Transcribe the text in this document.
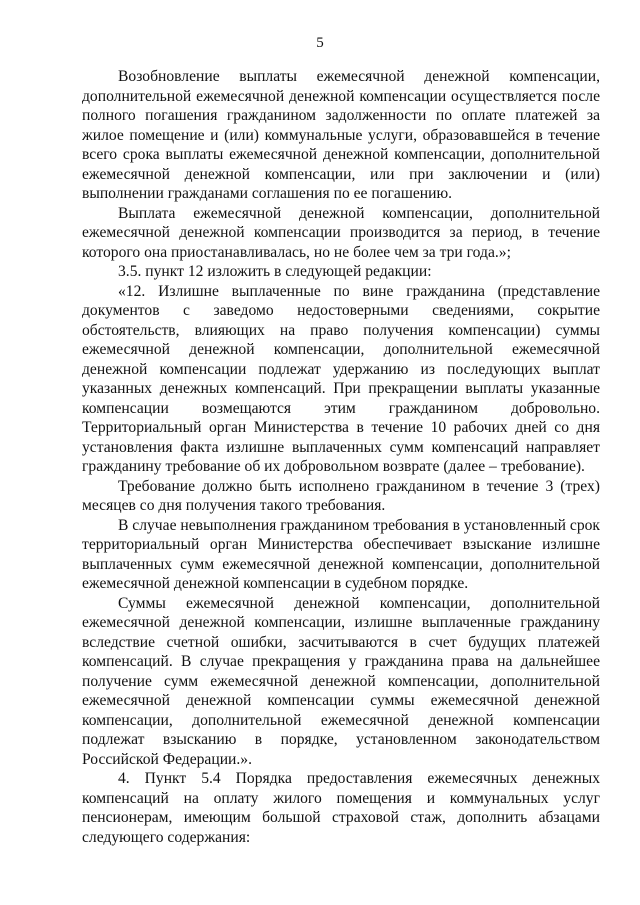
5

Возобновление выплаты ежемесячной денежной компенсации, дополнительной ежемесячной денежной компенсации осуществляется после полного погашения гражданином задолженности по оплате платежей за жилое помещение и (или) коммунальные услуги, образовавшейся в течение всего срока выплаты ежемесячной денежной компенсации, дополнительной ежемесячной денежной компенсации, или при заключении и (или) выполнении гражданами соглашения по ее погашению.

Выплата ежемесячной денежной компенсации, дополнительной ежемесячной денежной компенсации производится за период, в течение которого она приостанавливалась, но не более чем за три года.»;

3.5. пункт 12 изложить в следующей редакции:

«12. Излишне выплаченные по вине гражданина (представление документов с заведомо недостоверными сведениями, сокрытие обстоятельств, влияющих на право получения компенсации) суммы ежемесячной денежной компенсации, дополнительной ежемесячной денежной компенсации подлежат удержанию из последующих выплат указанных денежных компенсаций. При прекращении выплаты указанные компенсации возмещаются этим гражданином добровольно. Территориальный орган Министерства в течение 10 рабочих дней со дня установления факта излишне выплаченных сумм компенсаций направляет гражданину требование об их добровольном возврате (далее – требование).

Требование должно быть исполнено гражданином в течение 3 (трех) месяцев со дня получения такого требования.

В случае невыполнения гражданином требования в установленный срок территориальный орган Министерства обеспечивает взыскание излишне выплаченных сумм ежемесячной денежной компенсации, дополнительной ежемесячной денежной компенсации в судебном порядке.

Суммы ежемесячной денежной компенсации, дополнительной ежемесячной денежной компенсации, излишне выплаченные гражданину вследствие счетной ошибки, засчитываются в счет будущих платежей компенсаций. В случае прекращения у гражданина права на дальнейшее получение сумм ежемесячной денежной компенсации, дополнительной ежемесячной денежной компенсации суммы ежемесячной денежной компенсации, дополнительной ежемесячной денежной компенсации подлежат взысканию в порядке, установленном законодательством Российской Федерации.».

4. Пункт 5.4 Порядка предоставления ежемесячных денежных компенсаций на оплату жилого помещения и коммунальных услуг пенсионерам, имеющим большой страховой стаж, дополнить абзацами следующего содержания:
